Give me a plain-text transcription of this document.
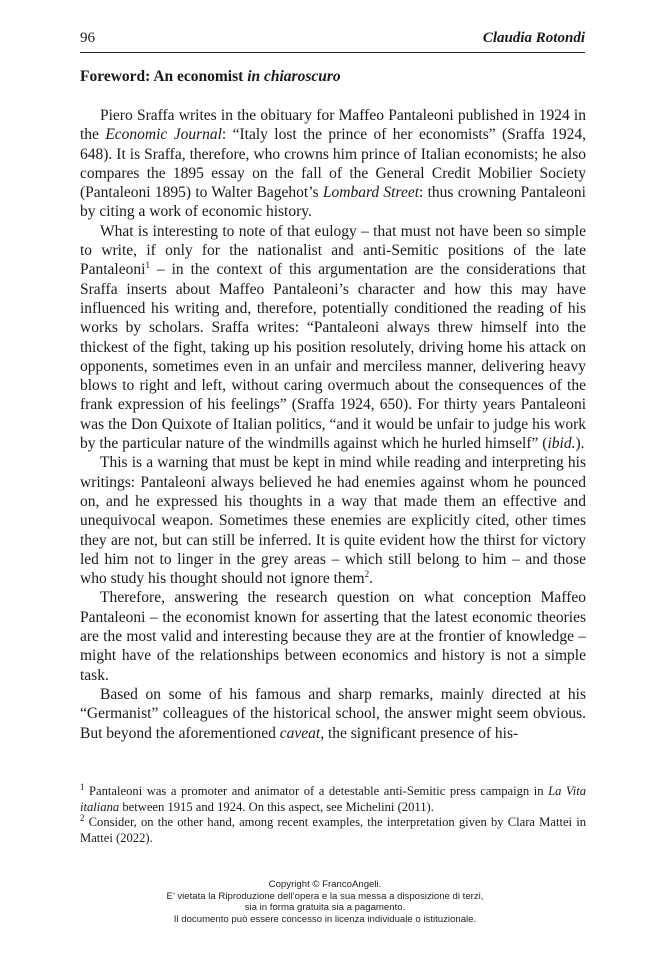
96	Claudia Rotondi
Foreword: An economist in chiaroscuro

Piero Sraffa writes in the obituary for Maffeo Pantaleoni published in 1924 in the Economic Journal: “Italy lost the prince of her economists” (Sraffa 1924, 648). It is Sraffa, therefore, who crowns him prince of Italian economists; he also compares the 1895 essay on the fall of the General Credit Mobilier Society (Pantaleoni 1895) to Walter Bagehot’s Lombard Street: thus crowning Pantaleoni by citing a work of economic history.

What is interesting to note of that eulogy – that must not have been so simple to write, if only for the nationalist and anti-Semitic positions of the late Pantaleoni$^1$ – in the context of this argumentation are the considerations that Sraffa inserts about Maffeo Pantaleoni’s character and how this may have influenced his writing and, therefore, potentially conditioned the reading of his works by scholars. Sraffa writes: “Pantaleoni always threw himself into the thickest of the fight, taking up his position resolutely, driving home his attack on opponents, sometimes even in an unfair and merciless manner, delivering heavy blows to right and left, without caring overmuch about the consequences of the frank expression of his feelings” (Sraffa 1924, 650). For thirty years Pantaleoni was the Don Quixote of Italian politics, “and it would be unfair to judge his work by the particular nature of the windmills against which he hurled himself” (ibid.).

This is a warning that must be kept in mind while reading and interpreting his writings: Pantaleoni always believed he had enemies against whom he pounced on, and he expressed his thoughts in a way that made them an effective and unequivocal weapon. Sometimes these enemies are explicitly cited, other times they are not, but can still be inferred. It is quite evident how the thirst for victory led him not to linger in the grey areas – which still belong to him – and those who study his thought should not ignore them$^2$.

Therefore, answering the research question on what conception Maffeo Pantaleoni – the economist known for asserting that the latest economic theories are the most valid and interesting because they are at the frontier of knowledge – might have of the relationships between economics and history is not a simple task.

Based on some of his famous and sharp remarks, mainly directed at his “Germanist” colleagues of the historical school, the answer might seem obvious. But beyond the aforementioned caveat, the significant presence of his-

$^1$ Pantaleoni was a promoter and animator of a detestable anti-Semitic press campaign in La Vita italiana between 1915 and 1924. On this aspect, see Michelini (2011).

$^2$ Consider, on the other hand, among recent examples, the interpretation given by Clara Mattei in Mattei (2022).

Copyright © FrancoAngeli.
E’ vietata la Riproduzione dell’opera e la sua messa a disposizione di terzi,
sia in forma gratuita sia a pagamento.
Il documento può essere concesso in licenza individuale o istituzionale.
